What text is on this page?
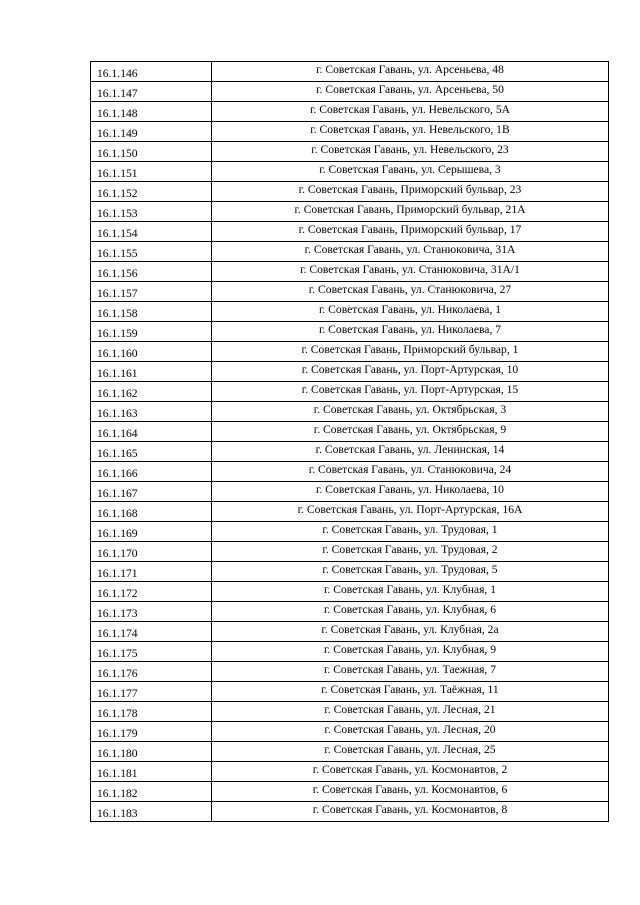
16.1.146	г. Советская Гавань, ул. Арсеньева, 48
16.1.147	г. Советская Гавань, ул. Арсеньева, 50
16.1.148	г. Советская Гавань, ул. Невельского, 5А
16.1.149	г. Советская Гавань, ул. Невельского, 1В
16.1.150	г. Советская Гавань, ул. Невельского, 23
16.1.151	г. Советская Гавань, ул. Серышева, 3
16.1.152	г. Советская Гавань, Приморский бульвар, 23
16.1.153	г. Советская Гавань, Приморский бульвар, 21А
16.1.154	г. Советская Гавань, Приморский бульвар, 17
16.1.155	г. Советская Гавань, ул. Станюковича, 31А
16.1.156	г. Советская Гавань, ул. Станюковича, 31А/1
16.1.157	г. Советская Гавань, ул. Станюковича, 27
16.1.158	г. Советская Гавань, ул. Николаева, 1
16.1.159	г. Советская Гавань, ул. Николаева, 7
16.1.160	г. Советская Гавань, Приморский бульвар, 1
16.1.161	г. Советская Гавань, ул. Порт-Артурская, 10
16.1.162	г. Советская Гавань, ул. Порт-Артурская, 15
16.1.163	г. Советская Гавань, ул. Октябрьская, 3
16.1.164	г. Советская Гавань, ул. Октябрьская, 9
16.1.165	г. Советская Гавань, ул. Ленинская, 14
16.1.166	г. Советская Гавань, ул. Станюковича, 24
16.1.167	г. Советская Гавань, ул. Николаева, 10
16.1.168	г. Советская Гавань, ул. Порт-Артурская, 16А
16.1.169	г. Советская Гавань, ул. Трудовая, 1
16.1.170	г. Советская Гавань, ул. Трудовая, 2
16.1.171	г. Советская Гавань, ул. Трудовая, 5
16.1.172	г. Советская Гавань, ул. Клубная, 1
16.1.173	г. Советская Гавань, ул. Клубная, 6
16.1.174	г. Советская Гавань, ул. Клубная, 2а
16.1.175	г. Советская Гавань, ул. Клубная, 9
16.1.176	г. Советская Гавань, ул. Таежная, 7
16.1.177	г. Советская Гавань, ул. Таёжная, 11
16.1.178	г. Советская Гавань, ул. Лесная, 21
16.1.179	г. Советская Гавань, ул. Лесная, 20
16.1.180	г. Советская Гавань, ул. Лесная, 25
16.1.181	г. Советская Гавань, ул. Космонавтов, 2
16.1.182	г. Советская Гавань, ул. Космонавтов, 6
16.1.183	г. Советская Гавань, ул. Космонавтов, 8
